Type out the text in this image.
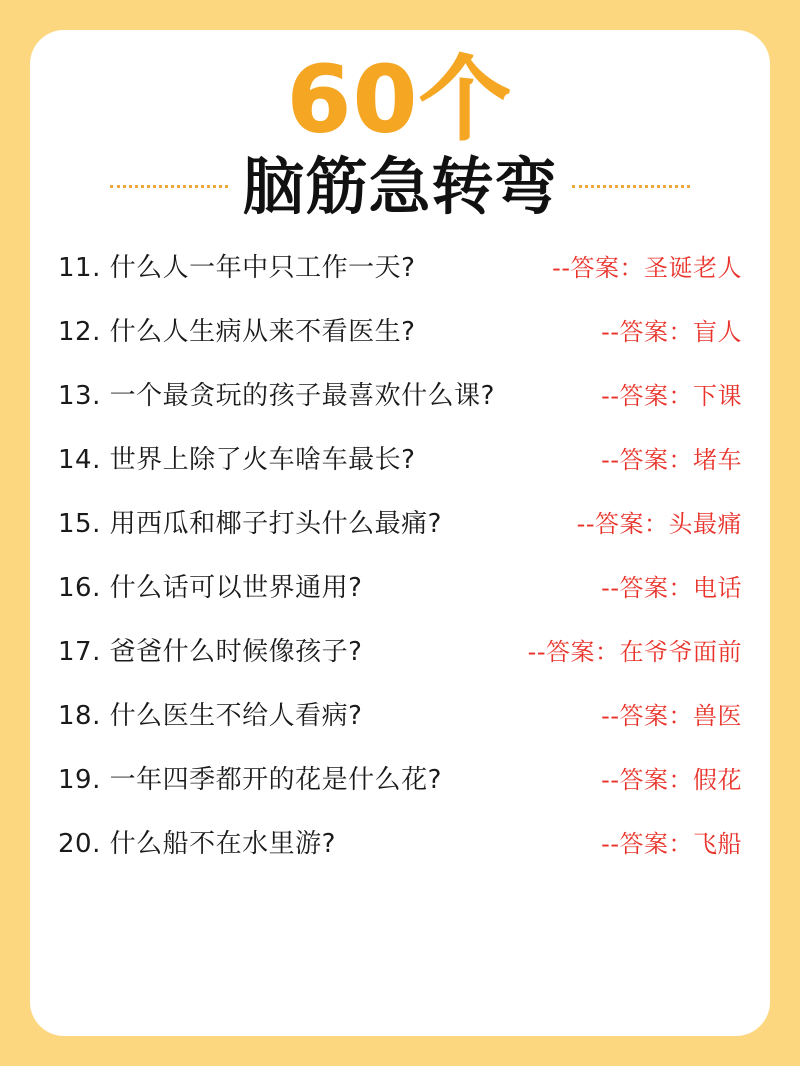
60个
脑筋急转弯
11. 什么人一年中只工作一天?	--答案：圣诞老人
12. 什么人生病从来不看医生?	--答案：盲人
13. 一个最贪玩的孩子最喜欢什么课?	--答案：下课
14. 世界上除了火车啥车最长?	--答案：堵车
15. 用西瓜和椰子打头什么最痛?	--答案：头最痛
16. 什么话可以世界通用?	--答案：电话
17. 爸爸什么时候像孩子?	--答案：在爷爷面前
18. 什么医生不给人看病?	--答案：兽医
19. 一年四季都开的花是什么花?	--答案：假花
20. 什么船不在水里游?	--答案：飞船
